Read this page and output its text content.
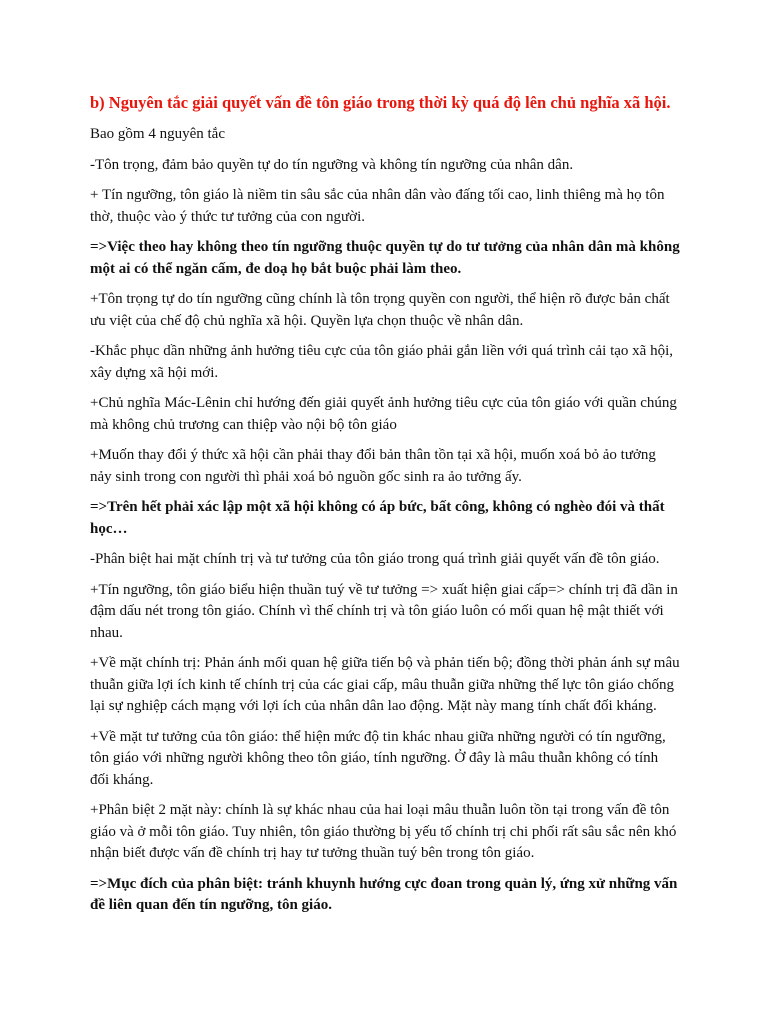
b) Nguyên tắc giải quyết vấn đề tôn giáo trong thời kỳ quá độ lên chủ nghĩa xã hội.

Bao gồm 4 nguyên tắc

-Tôn trọng, đảm bảo quyền tự do tín ngưỡng và không tín ngưỡng của nhân dân.

+ Tín ngưỡng, tôn giáo là niềm tin sâu sắc của nhân dân vào đấng tối cao, linh thiêng mà họ tôn thờ, thuộc vào ý thức tư tưởng của con người.

=>Việc theo hay không theo tín ngưỡng thuộc quyền tự do tư tưởng của nhân dân mà không một ai có thể ngăn cấm, đe doạ họ bắt buộc phải làm theo.

+Tôn trọng tự do tín ngưỡng cũng chính là tôn trọng quyền con người, thể hiện rõ được bản chất ưu việt của chế độ chủ nghĩa xã hội. Quyền lựa chọn thuộc về nhân dân.

-Khắc phục dần những ảnh hưởng tiêu cực của tôn giáo phải gắn liền với quá trình cải tạo xã hội, xây dựng xã hội mới.

+Chủ nghĩa Mác-Lênin chỉ hướng đến giải quyết ảnh hưởng tiêu cực của tôn giáo với quần chúng mà không chủ trương can thiệp vào nội bộ tôn giáo

+Muốn thay đổi ý thức xã hội cần phải thay đổi bản thân tồn tại xã hội, muốn xoá bỏ ảo tưởng nảy sinh trong con người thì phải xoá bỏ nguồn gốc sinh ra ảo tưởng ấy.

=>Trên hết phải xác lập một xã hội không có áp bức, bất công, không có nghèo đói và thất học…

-Phân biệt hai mặt chính trị và tư tưởng của tôn giáo trong quá trình giải quyết vấn đề tôn giáo.

+Tín ngưỡng, tôn giáo biểu hiện thuần tuý về tư tưởng => xuất hiện giai cấp=> chính trị đã dần in đậm dấu nét trong tôn giáo. Chính vì thế chính trị và tôn giáo luôn có mối quan hệ mật thiết với nhau.

+Về mặt chính trị: Phản ánh mối quan hệ giữa tiến bộ và phản tiến bộ; đồng thời phản ánh sự mâu thuẫn giữa lợi ích kinh tế chính trị của các giai cấp, mâu thuẫn giữa những thế lực tôn giáo chống lại sự nghiệp cách mạng với lợi ích của nhân dân lao động. Mặt này mang tính chất đối kháng.

+Về mặt tư tưởng của tôn giáo: thể hiện mức độ tin khác nhau giữa những người có tín ngưỡng, tôn giáo với những người không theo tôn giáo, tính ngưỡng. Ở đây là mâu thuẫn không có tính đối kháng.

+Phân biệt 2 mặt này: chính là sự khác nhau của hai loại mâu thuẫn luôn tồn tại trong vấn đề tôn giáo và ở mỗi tôn giáo. Tuy nhiên, tôn giáo thường bị yếu tố chính trị chi phối rất sâu sắc nên khó nhận biết được vấn đề chính trị hay tư tưởng thuần tuý bên trong tôn giáo.

=>Mục đích của phân biệt: tránh khuynh hướng cực đoan trong quản lý, ứng xử những vấn đề liên quan đến tín ngưỡng, tôn giáo.
